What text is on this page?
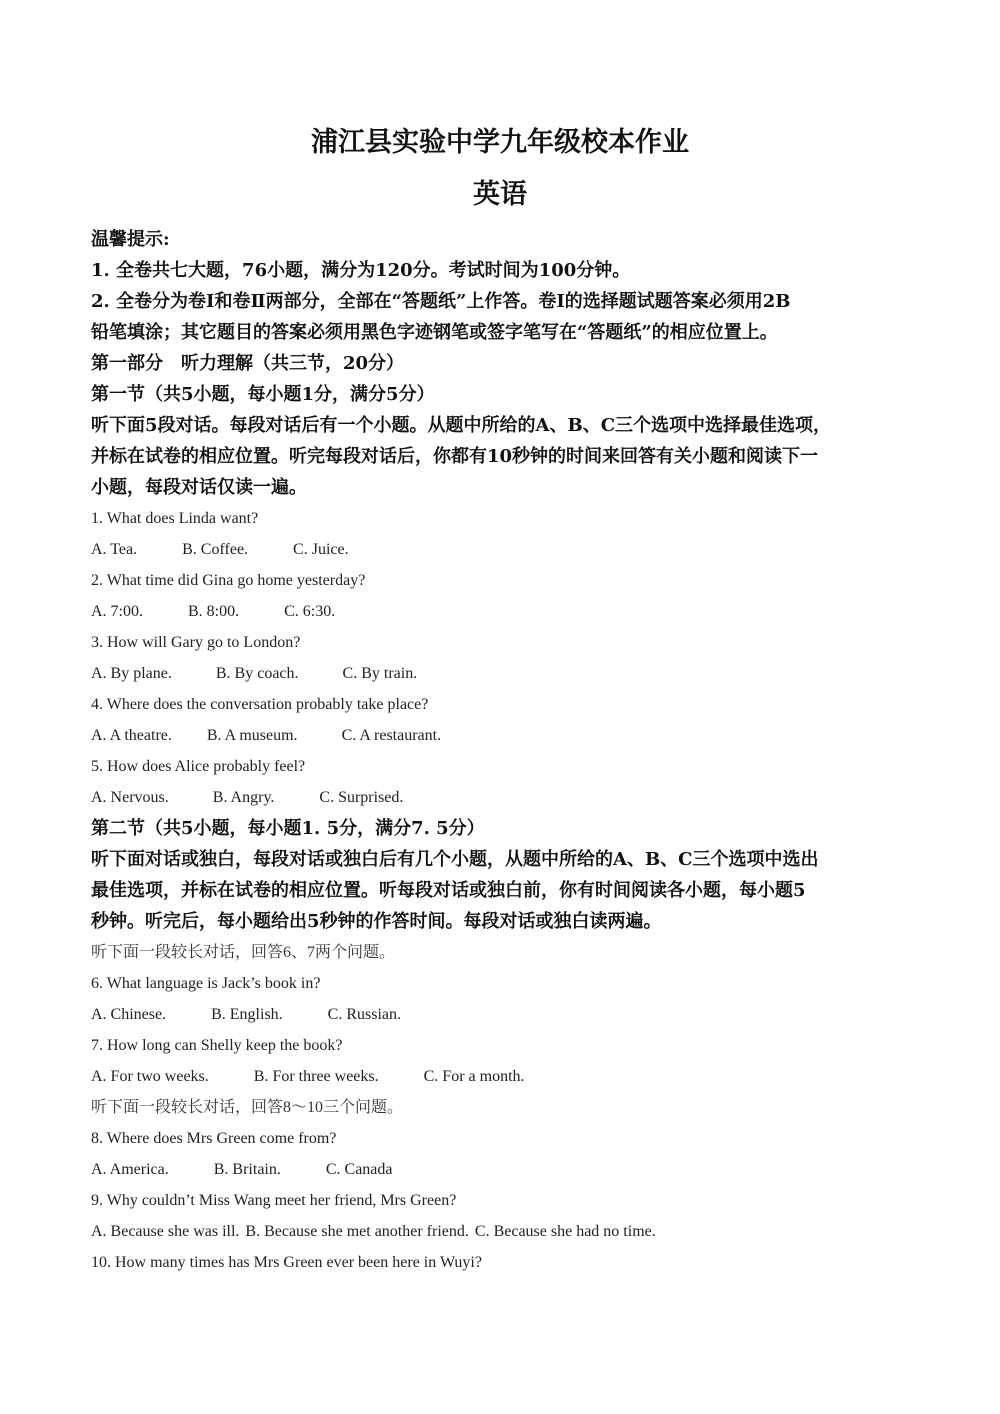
浦江县实验中学九年级校本作业
英语
温馨提示:
1. 全卷共七大题，76小题，满分为120分。考试时间为100分钟。
2. 全卷分为卷Ⅰ和卷Ⅱ两部分，全部在“答题纸”上作答。卷Ⅰ的选择题试题答案必须用2B
铅笔填涂；其它题目的答案必须用黑色字迹钢笔或签字笔写在“答题纸”的相应位置上。
第一部分　听力理解（共三节，20分）
第一节（共5小题，每小题1分，满分5分）
听下面5段对话。每段对话后有一个小题。从题中所给的A、B、C三个选项中选择最佳选项，
并标在试卷的相应位置。听完每段对话后，你都有10秒钟的时间来回答有关小题和阅读下一
小题，每段对话仅读一遍。
1. What does Linda want?
A. Tea.	B. Coffee.	C. Juice.
2. What time did Gina go home yesterday?
A. 7:00.	B. 8:00.	C. 6:30.
3. How will Gary go to London?
A. By plane.	B. By coach.	C. By train.
4. Where does the conversation probably take place?
A. A theatre. B. A museum.	C. A restaurant.
5. How does Alice probably feel?
A. Nervous.	B. Angry.	C. Surprised.
第二节（共5小题，每小题1. 5分，满分7. 5分）
听下面对话或独白，每段对话或独白后有几个小题，从题中所给的A、B、C三个选项中选出
最佳选项，并标在试卷的相应位置。听每段对话或独白前，你有时间阅读各小题，每小题5
秒钟。听完后，每小题给出5秒钟的作答时间。每段对话或独白读两遍。
听下面一段较长对话，回答6、7两个问题。
6. What language is Jack’s book in?
A. Chinese.	B. English.	C. Russian.
7. How long can Shelly keep the book?
A. For two weeks.	B. For three weeks.	C. For a month.
听下面一段较长对话，回答8～10三个问题。
8. Where does Mrs Green come from?
A. America.	B. Britain.	C. Canada
9. Why couldn’t Miss Wang meet her friend, Mrs Green?
A. Because she was ill. B. Because she met another friend. C. Because she had no time.
10. How many times has Mrs Green ever been here in Wuyi?
